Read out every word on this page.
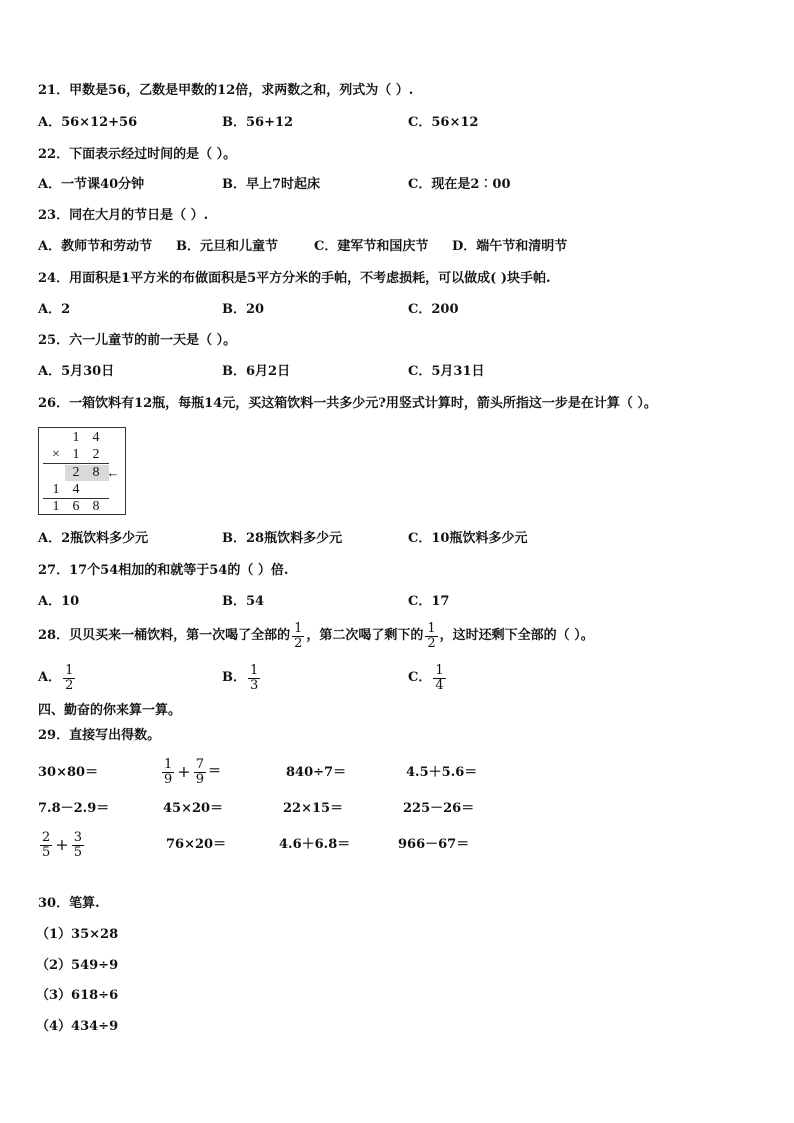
21．甲数是56，乙数是甲数的12倍，求两数之和，列式为（ ）.
A．56×12+56	B．56+12	C．56×12
22．下面表示经过时间的是（ ）。
A．一节课40分钟	B．早上7时起床	C．现在是2︰00
23．同在大月的节日是（ ）.
A．教师节和劳动节 B．元旦和儿童节	C．建军节和国庆节 D．端午节和清明节
24．用面积是1平方米的布做面积是5平方分米的手帕，不考虑损耗，可以做成( )块手帕.
A．2	B．20	C．200
25．六一儿童节的前一天是（ ）。
A．5月30日	B．6月2日	C．5月31日
26．一箱饮料有12瓶，每瓶14元，买这箱饮料一共多少元?用竖式计算时，箭头所指这一步是在计算（ ）。
1 4
× 1 2
2 8 ←
1 4
1 6 8
A．2瓶饮料多少元	B．28瓶饮料多少元	C．10瓶饮料多少元
27．17个54相加的和就等于54的（ ）倍.
A．10	B．54	C．17
28．贝贝买来一桶饮料，第一次喝了全部的 $\frac{1}{2}$ ，第二次喝了剩下的 $\frac{1}{2}$ ，这时还剩下全部的（ ）。
A． $\frac{1}{2}$	B． $\frac{1}{3}$	C． $\frac{1}{4}$
四、勤奋的你来算一算。
29．直接写出得数。
30×80＝	$\frac{1}{9} + \frac{7}{9}$ ＝	840÷7＝	4.5＋5.6＝
7.8－2.9＝	45×20＝	22×15＝	225－26＝
$\frac{2}{5} + \frac{3}{5}$	76×20＝	4.6＋6.8＝	966－67＝
30．笔算.
（1）35×28
（2）549÷9
（3）618÷6
（4）434÷9
